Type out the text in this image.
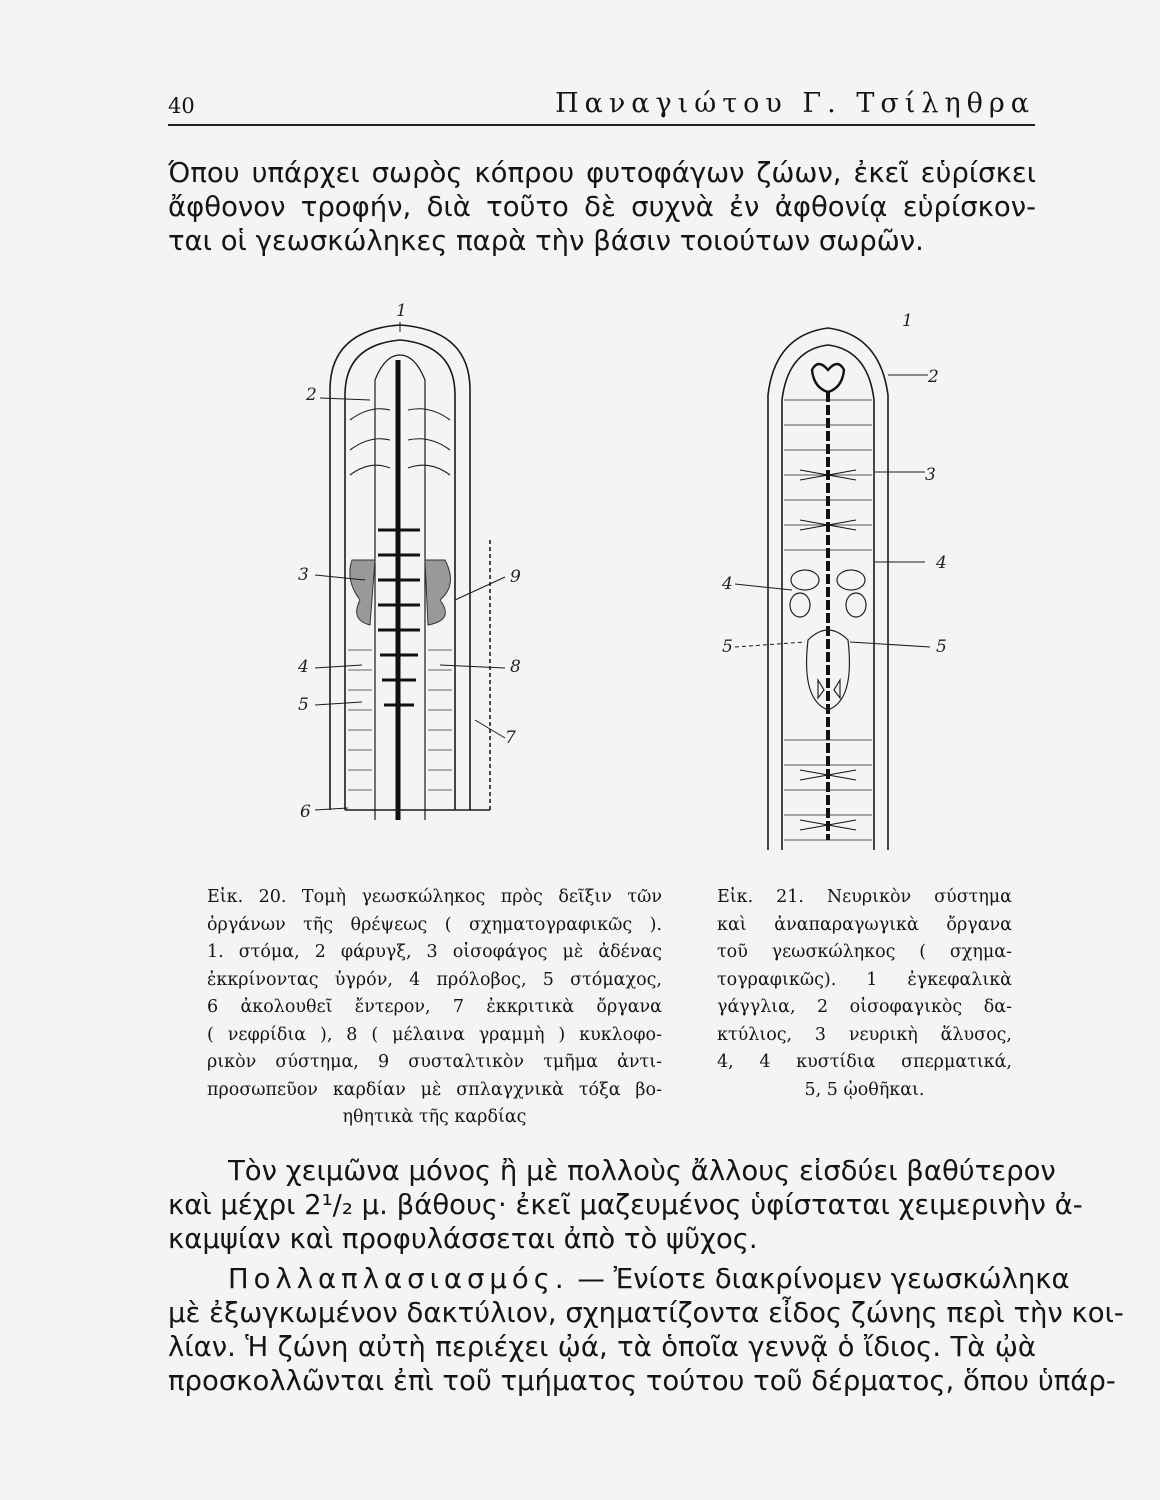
40	Παναγιώτου Γ. Τσίληθρα
Όπου υπάρχει σωρὸς κόπρου φυτοφάγων ζώων, ἐκεῖ εὑρίσκει
ἄφθονον τροφήν, διὰ τοῦτο δὲ συχνὰ ἐν ἀφθονίᾳ εὑρίσκον-
ται οἱ γεωσκώληκες παρὰ τὴν βάσιν τοιούτων σωρῶν.
1
2
3
4
5
6
9
8
7
1
2
3
4
4
5	5
Εἰκ. 20. Τομὴ γεωσκώληκος πρὸς δεῖξιν τῶν
ὀργάνων τῆς θρέψεως ( σχηματογραφικῶς ).
1. στόμα, 2 φάρυγξ, 3 οἰσοφάγος μὲ ἀδένας
ἐκκρίνοντας ὑγρόν, 4 πρόλοβος, 5 στόμαχος,
6 ἀκολουθεῖ ἔντερον, 7 ἐκκριτικὰ ὄργανα
( νεφρίδια ), 8 ( μέλαινα γραμμὴ ) κυκλοφο-
ρικὸν σύστημα, 9 συσταλτικὸν τμῆμα ἀντι-
προσωπεῦον καρδίαν μὲ σπλαγχνικὰ τόξα βο-
ηθητικὰ τῆς καρδίας
Εἰκ. 21. Νευρικὸν σύστημα
καὶ ἀναπαραγωγικὰ ὄργανα
τοῦ γεωσκώληκος ( σχημα-
τογραφικῶς). 1 ἐγκεφαλικὰ
γάγγλια, 2 οἰσοφαγικὸς δα-
κτύλιος, 3 νευρικὴ ἅλυσος,
4, 4 κυστίδια σπερματικά,
5, 5 ᾠοθῆκαι.
Τὸν χειμῶνα μόνος ἢ μὲ πολλοὺς ἄλλους εἰσδύει βαθύτερον
καὶ μέχρι 2¹/₂ μ. βάθους· ἐκεῖ μαζευμένος ὑφίσταται χειμερινὴν ἀ-
καμψίαν καὶ προφυλάσσεται ἀπὸ τὸ ψῦχος.
Πολλαπλασιασμός. — Ἐνίοτε διακρίνομεν γεωσκώληκα
μὲ ἐξωγκωμένον δακτύλιον, σχηματίζοντα εἶδος ζώνης περὶ τὴν κοι-
λίαν. Ἡ ζώνη αὐτὴ περιέχει ᾠά, τὰ ὁποῖα γεννᾷ ὁ ἴδιος. Τὰ ᾠὰ
προσκολλῶνται ἐπὶ τοῦ τμήματος τούτου τοῦ δέρματος, ὅπου ὑπάρ-
